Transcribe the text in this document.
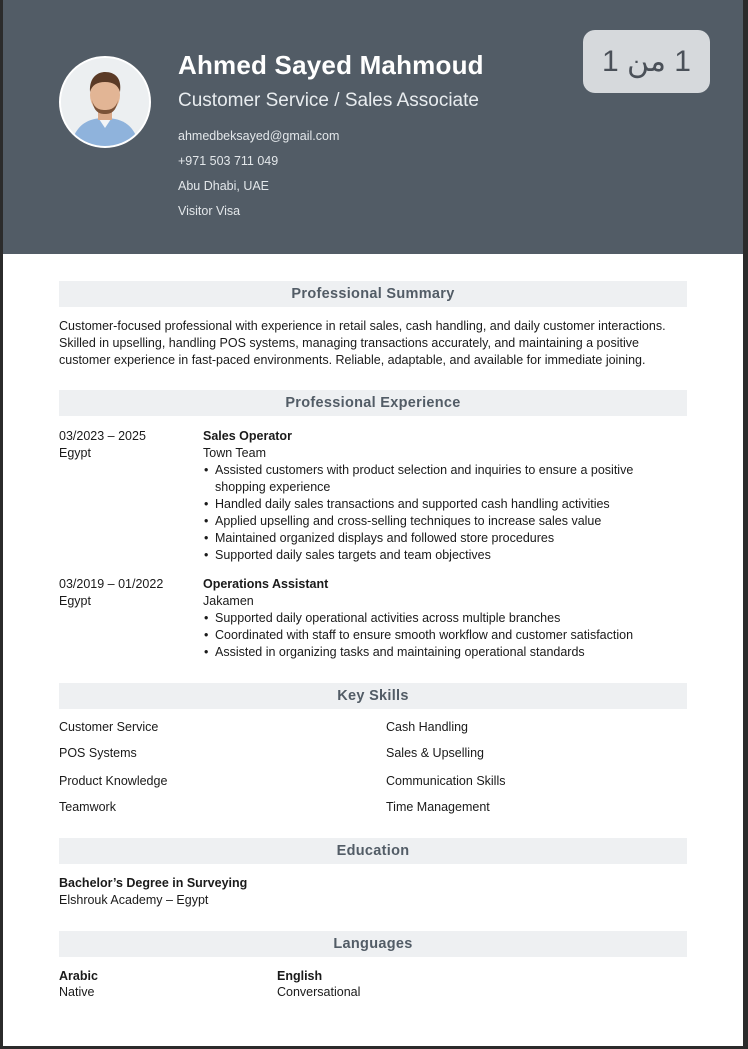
Ahmed Sayed Mahmoud
Customer Service / Sales Associate
ahmedbeksayed@gmail.com
+971 503 711 049
Abu Dhabi, UAE
Visitor Visa
1 من 1
Professional Summary
Customer-focused professional with experience in retail sales, cash handling, and daily customer interactions. Skilled in upselling, handling POS systems, managing transactions accurately, and maintaining a positive customer experience in fast-paced environments. Reliable, adaptable, and available for immediate joining.
Professional Experience
03/2023 – 2025
Egypt
Sales Operator
Town Team
• Assisted customers with product selection and inquiries to ensure a positive shopping experience
• Handled daily sales transactions and supported cash handling activities
• Applied upselling and cross-selling techniques to increase sales value
• Maintained organized displays and followed store procedures
• Supported daily sales targets and team objectives
03/2019 – 01/2022
Egypt
Operations Assistant
Jakamen
• Supported daily operational activities across multiple branches
• Coordinated with staff to ensure smooth workflow and customer satisfaction
• Assisted in organizing tasks and maintaining operational standards
Key Skills
Customer Service
POS Systems
Product Knowledge
Teamwork
Cash Handling
Sales & Upselling
Communication Skills
Time Management
Education
Bachelor’s Degree in Surveying
Elshrouk Academy – Egypt
Languages
Arabic
Native
English
Conversational
